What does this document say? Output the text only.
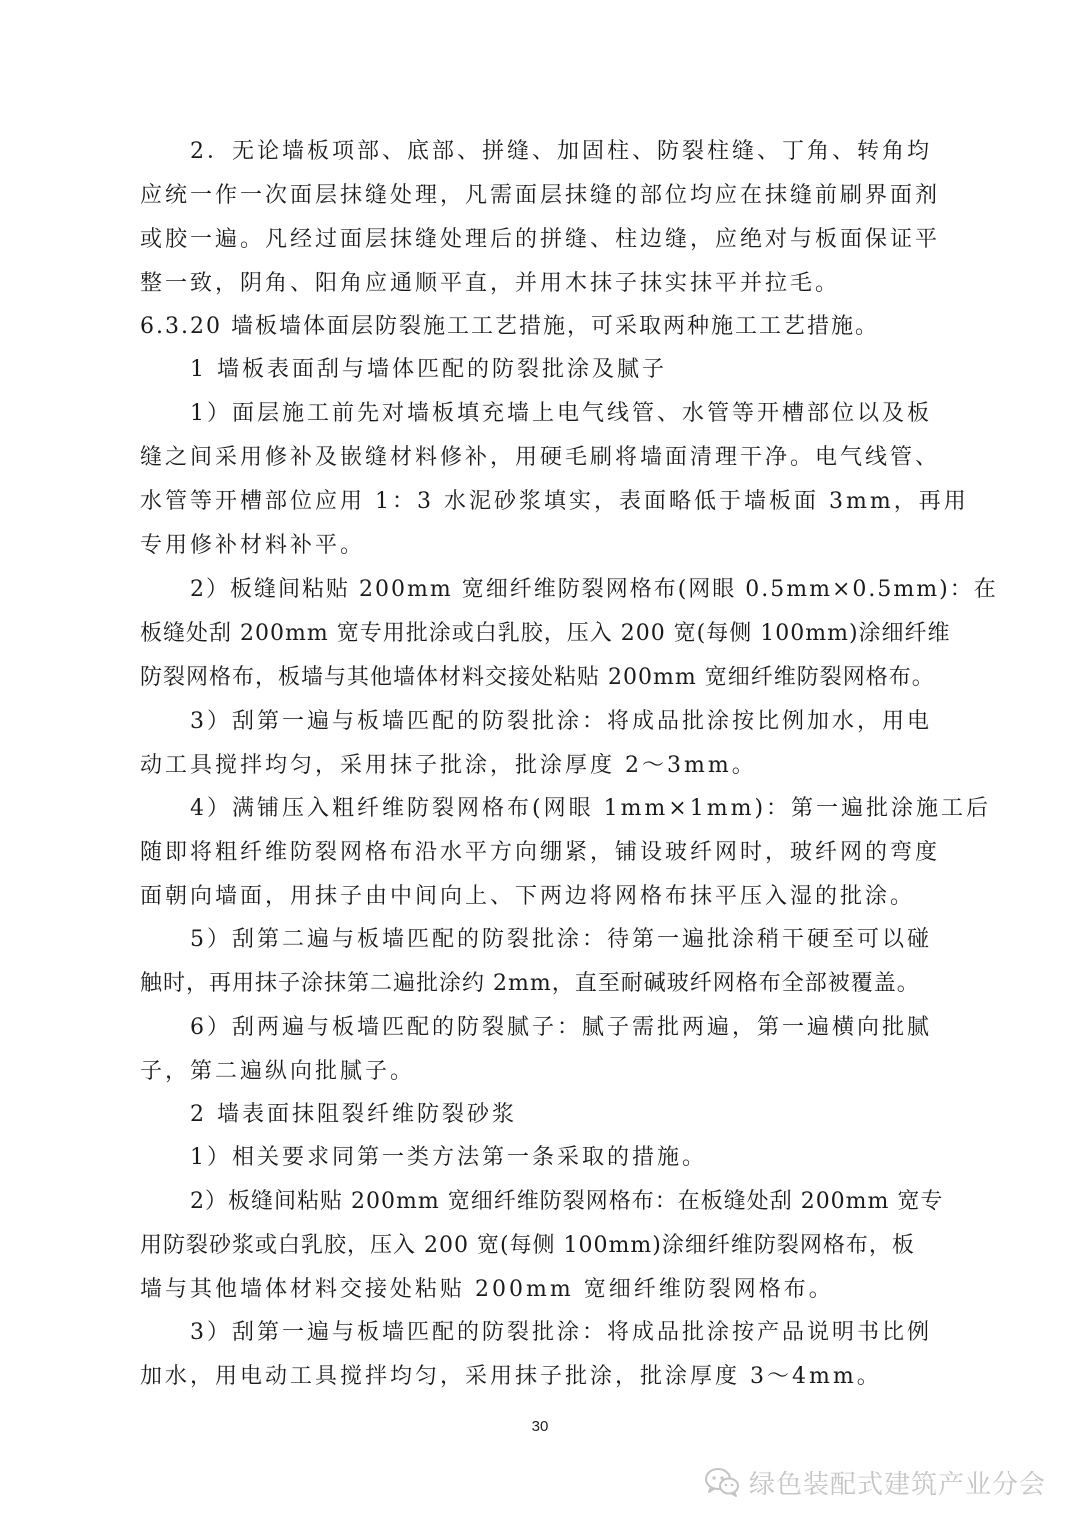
2．无论墙板项部、底部、拼缝、加固柱、防裂柱缝、丁角、转角均
应统一作一次面层抹缝处理，凡需面层抹缝的部位均应在抹缝前刷界面剂
或胶一遍。凡经过面层抹缝处理后的拼缝、柱边缝，应绝对与板面保证平
整一致，阴角、阳角应通顺平直，并用木抹子抹实抹平并拉毛。
6.3.20 墙板墙体面层防裂施工工艺措施，可采取两种施工工艺措施。
1 墙板表面刮与墙体匹配的防裂批涂及腻子
1）面层施工前先对墙板填充墙上电气线管、水管等开槽部位以及板
缝之间采用修补及嵌缝材料修补，用硬毛刷将墙面清理干净。电气线管、
水管等开槽部位应用 1：3 水泥砂浆填实，表面略低于墙板面 3mm，再用
专用修补材料补平。
2）板缝间粘贴 200mm 宽细纤维防裂网格布(网眼 0.5mm×0.5mm)：在
板缝处刮 200mm 宽专用批涂或白乳胶，压入 200 宽(每侧 100mm)涂细纤维
防裂网格布，板墙与其他墙体材料交接处粘贴 200mm 宽细纤维防裂网格布。
3）刮第一遍与板墙匹配的防裂批涂：将成品批涂按比例加水，用电
动工具搅拌均匀，采用抹子批涂，批涂厚度 2～3mm。
4）满铺压入粗纤维防裂网格布(网眼 1mm×1mm)：第一遍批涂施工后
随即将粗纤维防裂网格布沿水平方向绷紧，铺设玻纤网时，玻纤网的弯度
面朝向墙面，用抹子由中间向上、下两边将网格布抹平压入湿的批涂。
5）刮第二遍与板墙匹配的防裂批涂：待第一遍批涂稍干硬至可以碰
触时，再用抹子涂抹第二遍批涂约 2mm，直至耐碱玻纤网格布全部被覆盖。
6）刮两遍与板墙匹配的防裂腻子：腻子需批两遍，第一遍横向批腻
子，第二遍纵向批腻子。
2 墙表面抹阻裂纤维防裂砂浆
1）相关要求同第一类方法第一条采取的措施。
2）板缝间粘贴 200mm 宽细纤维防裂网格布：在板缝处刮 200mm 宽专
用防裂砂浆或白乳胶，压入 200 宽(每侧 100mm)涂细纤维防裂网格布，板
墙与其他墙体材料交接处粘贴 200mm 宽细纤维防裂网格布。
3）刮第一遍与板墙匹配的防裂批涂：将成品批涂按产品说明书比例
加水，用电动工具搅拌均匀，采用抹子批涂，批涂厚度 3～4mm。
30
绿色装配式建筑产业分会
